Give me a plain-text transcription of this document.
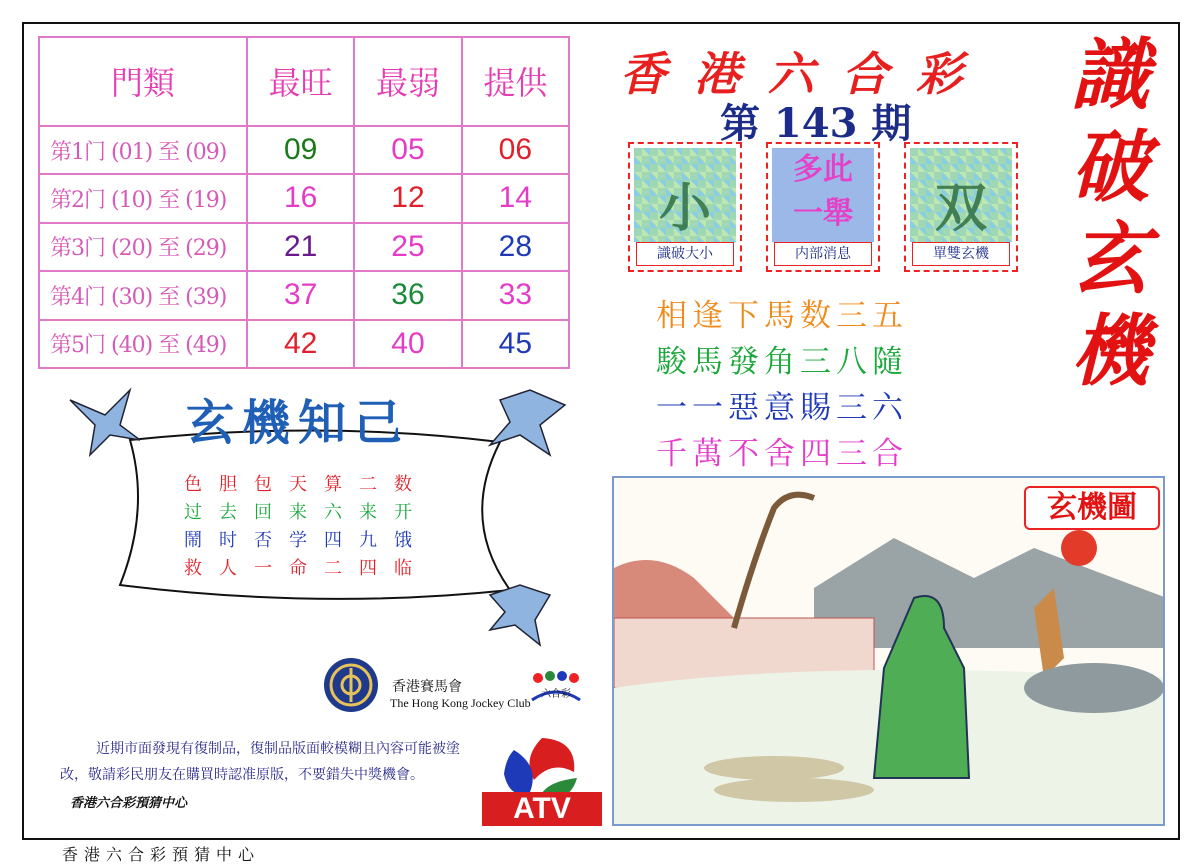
門類	最旺	最弱	提供
第1门 (01) 至 (09)	09	05	06
第2门 (10) 至 (19)	16	12	14
第3门 (20) 至 (29)	21	25	28
第4门 (30) 至 (39)	37	36	33
第5门 (40) 至 (49)	42	40	45
香 港 六 合 彩
第 143 期
識
破
玄
機
小
識破大小
多此
一舉
内部消息
双
單雙玄機
相逢下馬数三五
駿馬發角三八隨
一一惡意賜三六
千萬不舍四三合
玄機知己
色胆包天算二数
过去回来六来开
鬧时否学四九饿
救人一命二四临
香港賽馬會
The Hong Kong Jockey Club
六合彩
近期市面發現有復制品，復制品版面較模糊且內容可能被塗改，敬請彩民朋友在購買時認准原版，不要錯失中獎機會。
香港六合彩預猜中心	ATV
玄機圖
香港六合彩預猜中心
